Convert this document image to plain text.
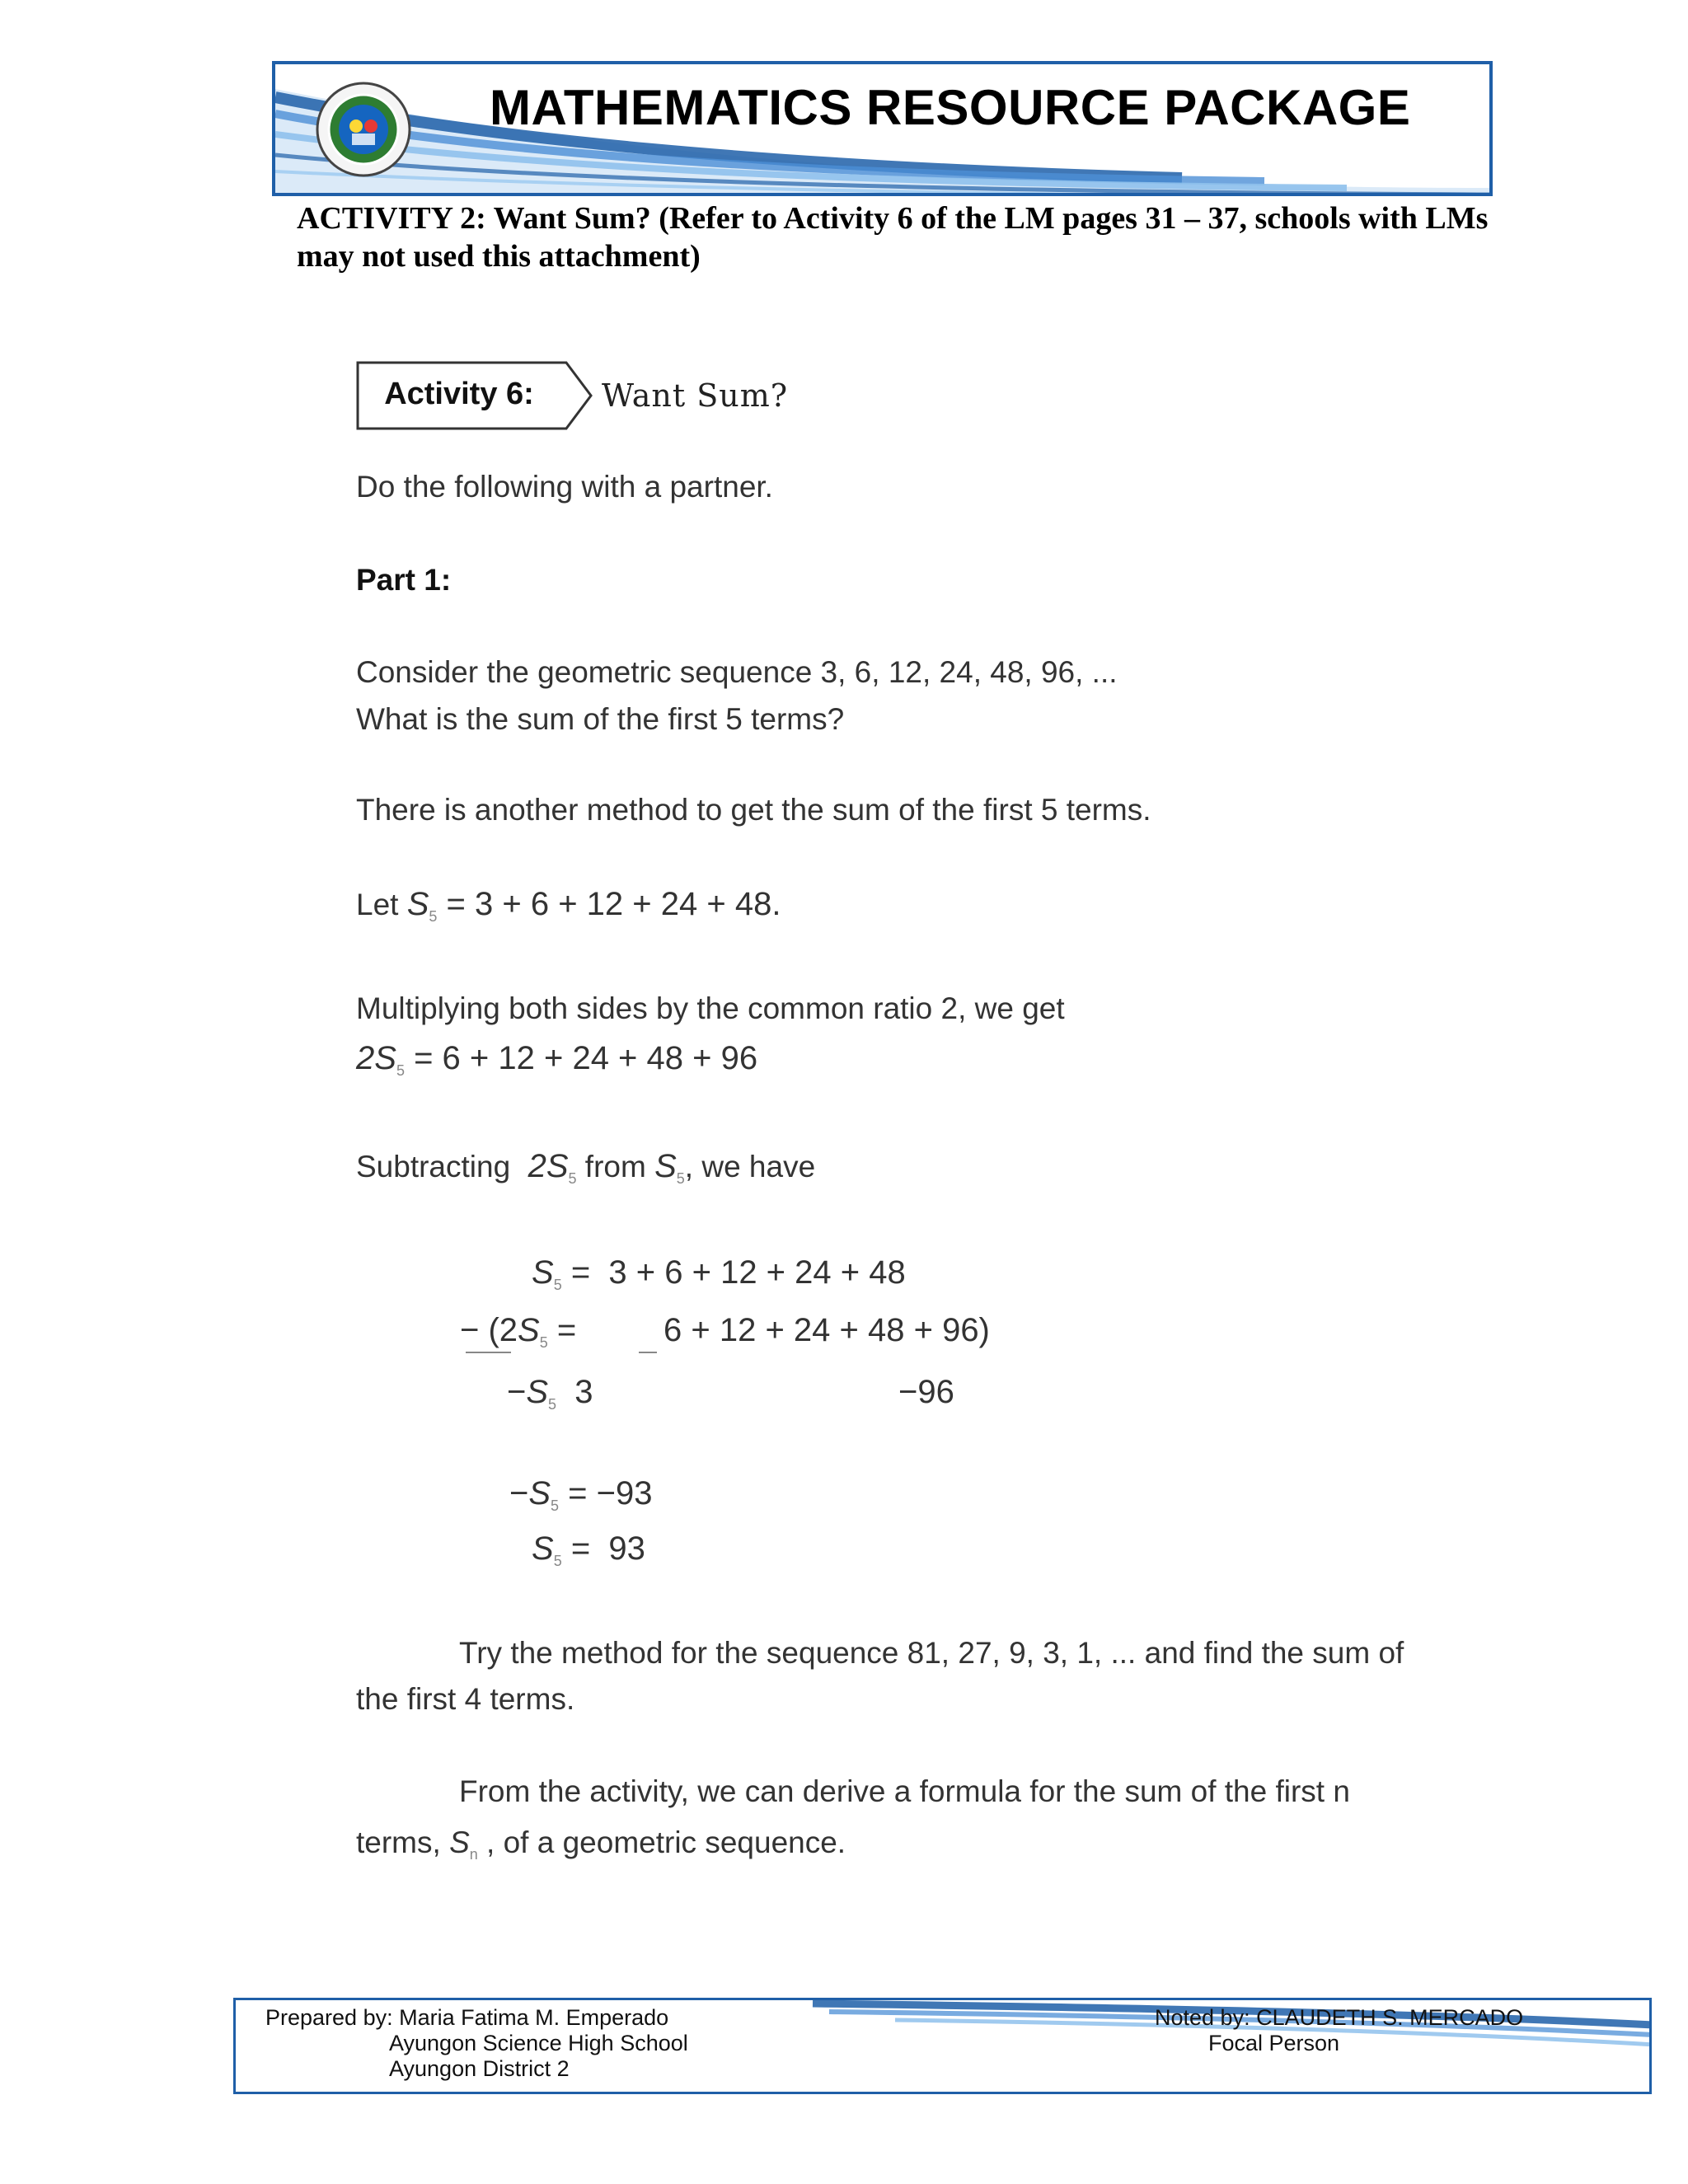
MATHEMATICS RESOURCE PACKAGE
ACTIVITY 2: Want Sum? (Refer to Activity 6 of the LM pages 31 – 37, schools with LMs may not used this attachment)
Activity 6:	Want Sum?
Do the following with a partner.
Part 1:
Consider the geometric sequence 3, 6, 12, 24, 48, 96, ...
What is the sum of the first 5 terms?
There is another method to get the sum of the first 5 terms.
Let $S_5 = 3 + 6 + 12 + 24 + 48$.
Multiplying both sides by the common ratio 2, we get
$2S_5 = 6 + 12 + 24 + 48 + 96$
Subtracting  $2S_5$ from $S_5$, we have
$S_5 = 3 + 6 + 12 + 24 + 48$
− ($2S_5$ =	6 + 12 + 24 + 48 + 96)
$-S_5$  3	−96
$-S_5 = -93$
$S_5 = 93$
Try the method for the sequence 81, 27, 9, 3, 1, ... and find the sum of
the first 4 terms.
From the activity, we can derive a formula for the sum of the first n
terms, $S_n$ , of a geometric sequence.
Prepared by: Maria Fatima M. Emperado
Ayungon Science High School
Ayungon District 2
Noted by: CLAUDETH S. MERCADO
Focal Person
